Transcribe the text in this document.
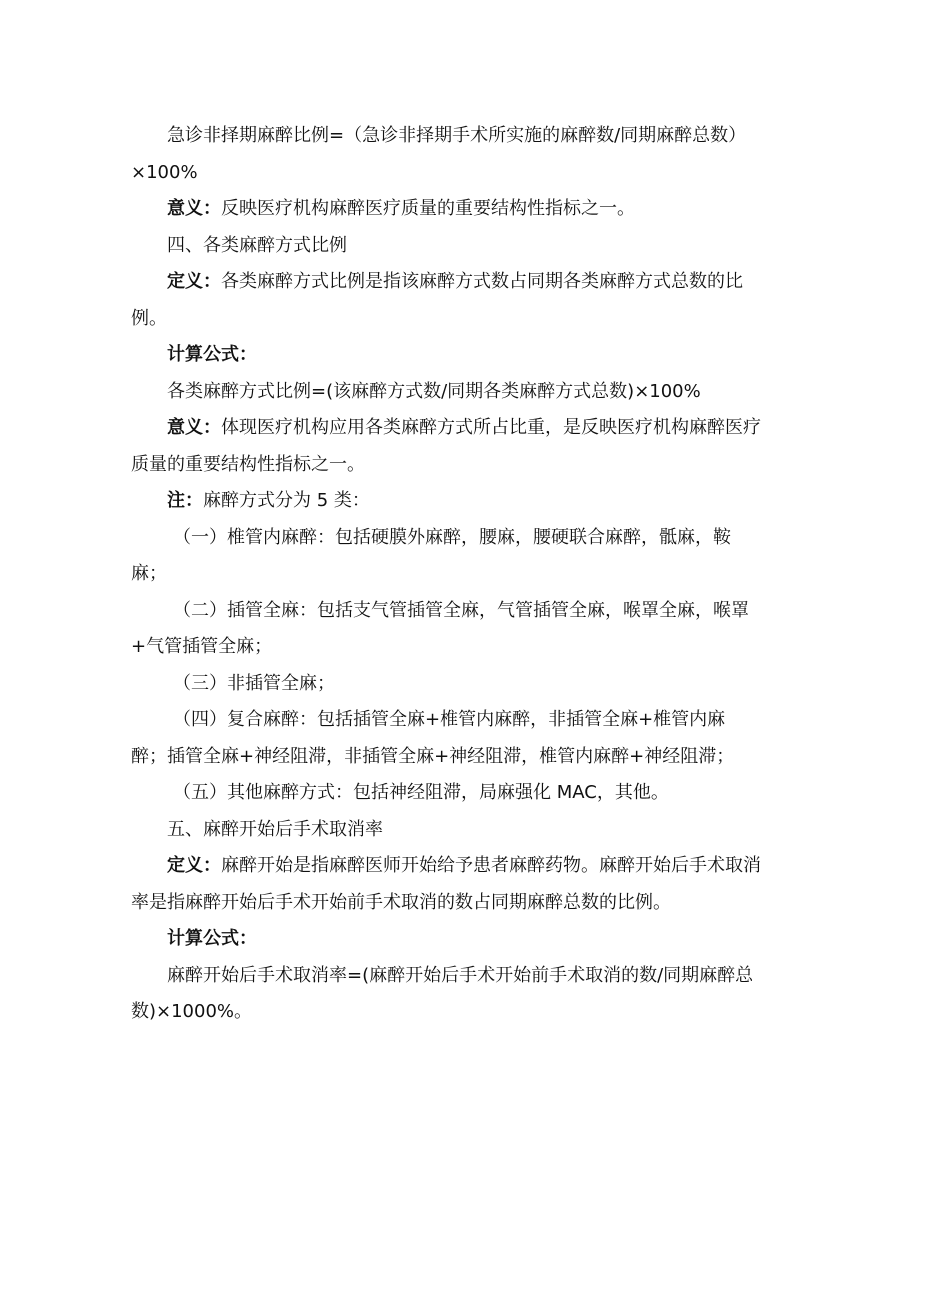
急诊非择期麻醉比例=（急诊非择期手术所实施的麻醉数/同期麻醉总数）×100%

意义：反映医疗机构麻醉医疗质量的重要结构性指标之一。

四、各类麻醉方式比例

定义：各类麻醉方式比例是指该麻醉方式数占同期各类麻醉方式总数的比例。

计算公式：

各类麻醉方式比例=(该麻醉方式数/同期各类麻醉方式总数)×100%

意义：体现医疗机构应用各类麻醉方式所占比重，是反映医疗机构麻醉医疗质量的重要结构性指标之一。

注：麻醉方式分为 5 类：

（一）椎管内麻醉：包括硬膜外麻醉，腰麻，腰硬联合麻醉，骶麻，鞍麻；

（二）插管全麻：包括支气管插管全麻，气管插管全麻，喉罩全麻，喉罩+气管插管全麻；

（三）非插管全麻；

（四）复合麻醉：包括插管全麻+椎管内麻醉，非插管全麻+椎管内麻醉；插管全麻+神经阻滞，非插管全麻+神经阻滞，椎管内麻醉+神经阻滞；

（五）其他麻醉方式：包括神经阻滞，局麻强化 MAC，其他。

五、麻醉开始后手术取消率

定义：麻醉开始是指麻醉医师开始给予患者麻醉药物。麻醉开始后手术取消率是指麻醉开始后手术开始前手术取消的数占同期麻醉总数的比例。

计算公式：

麻醉开始后手术取消率=(麻醉开始后手术开始前手术取消的数/同期麻醉总数)×1000%。
